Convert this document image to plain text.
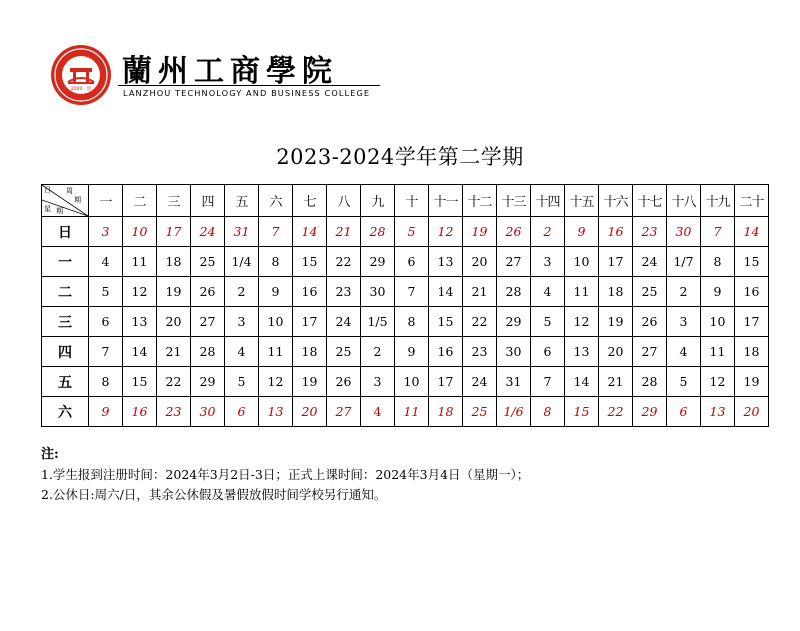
2000 · 创
蘭州工商學院
LANZHOU TECHNOLOGY AND BUSINESS COLLEGE
2023-2024学年第二学期
周
期
日
星 期	一	二	三	四	五	六	七	八	九	十	十一	十二	十三	十四	十五	十六	十七	十八	十九	二十
日	3	10	17	24	31	7	14	21	28	5	12	19	26	2	9	16	23	30	7	14
一	4	11	18	25	1/4	8	15	22	29	6	13	20	27	3	10	17	24	1/7	8	15
二	5	12	19	26	2	9	16	23	30	7	14	21	28	4	11	18	25	2	9	16
三	6	13	20	27	3	10	17	24	1/5	8	15	22	29	5	12	19	26	3	10	17
四	7	14	21	28	4	11	18	25	2	9	16	23	30	6	13	20	27	4	11	18
五	8	15	22	29	5	12	19	26	3	10	17	24	31	7	14	21	28	5	12	19
六	9	16	23	30	6	13	20	27	4	11	18	25	1/6	8	15	22	29	6	13	20
注:
1.学生报到注册时间：2024年3月2日-3日；正式上课时间：2024年3月4日（星期一）；
2.公休日:周六/日，其余公休假及暑假放假时间学校另行通知。
